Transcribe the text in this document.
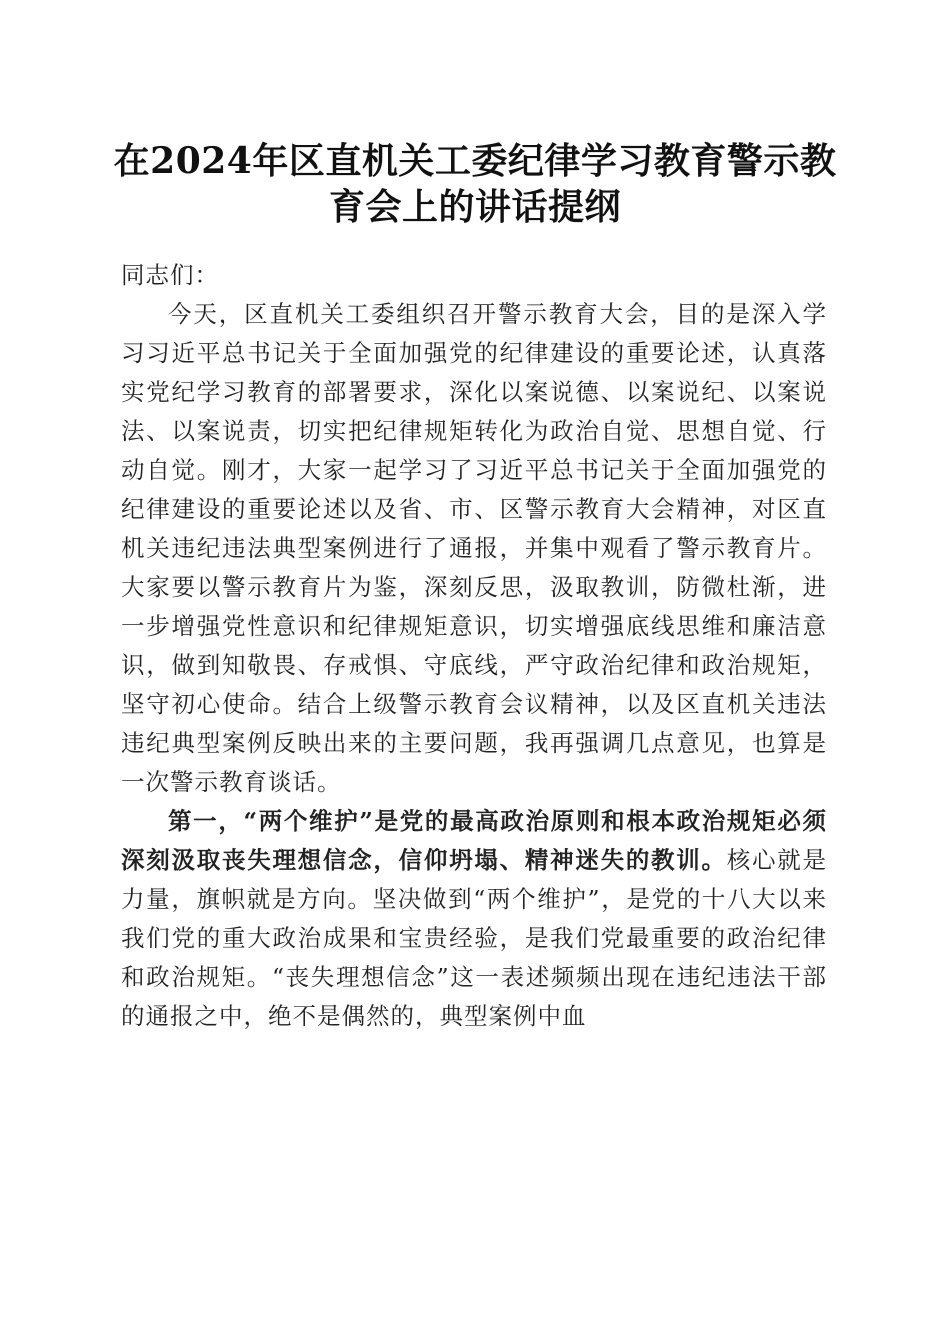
在2024年区直机关工委纪律学习教育警示教育会上的讲话提纲

同志们：

今天，区直机关工委组织召开警示教育大会，目的是深入学习习近平总书记关于全面加强党的纪律建设的重要论述，认真落实党纪学习教育的部署要求，深化以案说德、以案说纪、以案说法、以案说责，切实把纪律规矩转化为政治自觉、思想自觉、行动自觉。刚才，大家一起学习了习近平总书记关于全面加强党的纪律建设的重要论述以及省、市、区警示教育大会精神，对区直机关违纪违法典型案例进行了通报，并集中观看了警示教育片。大家要以警示教育片为鉴，深刻反思，汲取教训，防微杜渐，进一步增强党性意识和纪律规矩意识，切实增强底线思维和廉洁意识，做到知敬畏、存戒惧、守底线，严守政治纪律和政治规矩，坚守初心使命。结合上级警示教育会议精神，以及区直机关违法违纪典型案例反映出来的主要问题，我再强调几点意见，也算是一次警示教育谈话。

第一，“两个维护”是党的最高政治原则和根本政治规矩必须深刻汲取丧失理想信念，信仰坍塌、精神迷失的教训。核心就是力量，旗帜就是方向。坚决做到“两个维护”，是党的十八大以来我们党的重大政治成果和宝贵经验，是我们党最重要的政治纪律和政治规矩。“丧失理想信念”这一表述频频出现在违纪违法干部的通报之中，绝不是偶然的，典型案例中血
